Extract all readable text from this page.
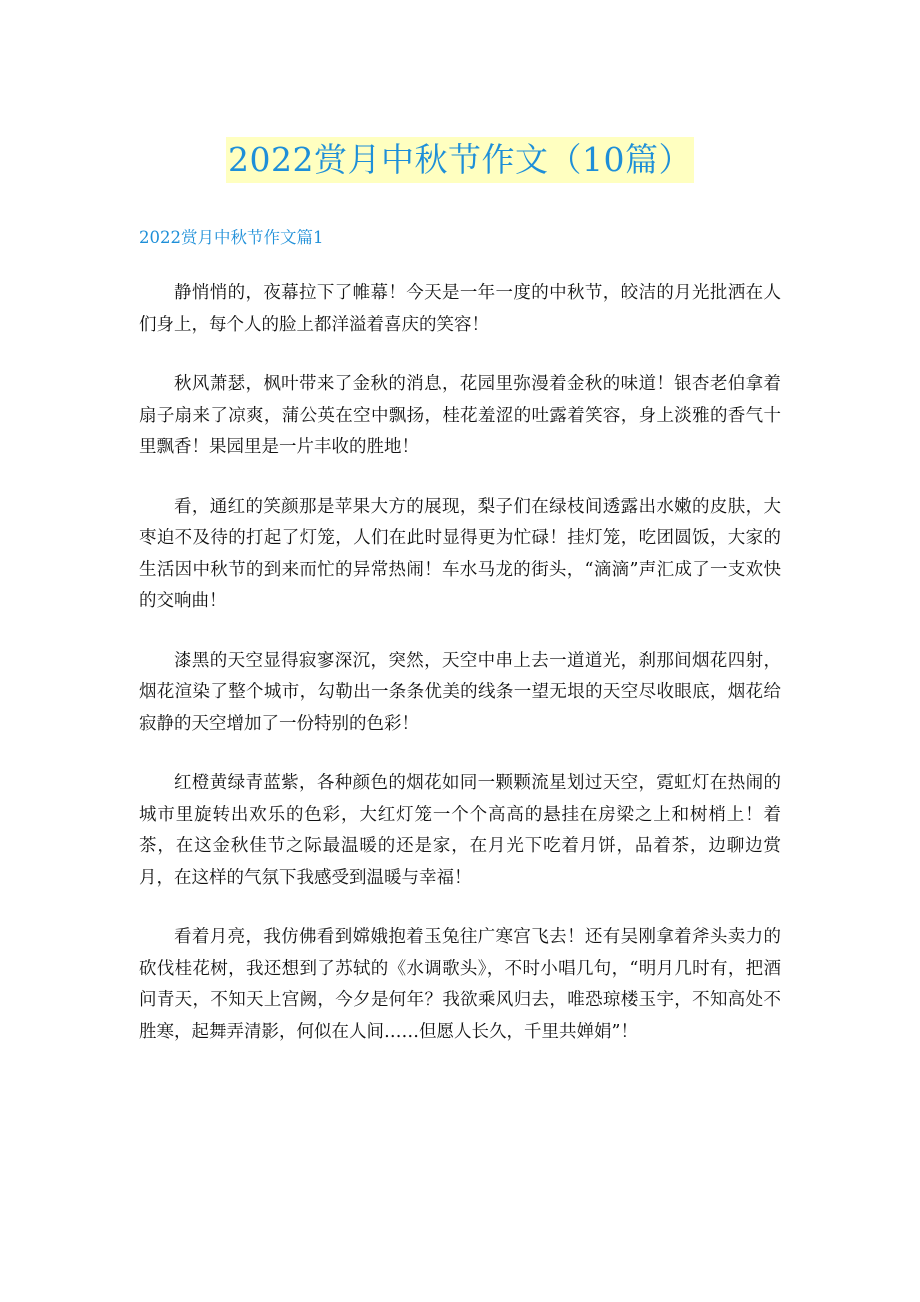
2022赏月中秋节作文（10篇）
2022赏月中秋节作文篇1

静悄悄的，夜幕拉下了帷幕！今天是一年一度的中秋节，皎洁的月光批洒在人们身上，每个人的脸上都洋溢着喜庆的笑容！

秋风萧瑟，枫叶带来了金秋的消息，花园里弥漫着金秋的味道！银杏老伯拿着扇子扇来了凉爽，蒲公英在空中飘扬，桂花羞涩的吐露着笑容，身上淡雅的香气十里飘香！果园里是一片丰收的胜地！

看，通红的笑颜那是苹果大方的展现，梨子们在绿枝间透露出水嫩的皮肤，大枣迫不及待的打起了灯笼，人们在此时显得更为忙碌！挂灯笼，吃团圆饭，大家的生活因中秋节的到来而忙的异常热闹！车水马龙的街头，“滴滴”声汇成了一支欢快的交响曲！

漆黑的天空显得寂寥深沉，突然，天空中串上去一道道光，刹那间烟花四射，烟花渲染了整个城市，勾勒出一条条优美的线条一望无垠的天空尽收眼底，烟花给寂静的天空增加了一份特别的色彩！

红橙黄绿青蓝紫，各种颜色的烟花如同一颗颗流星划过天空，霓虹灯在热闹的城市里旋转出欢乐的色彩，大红灯笼一个个高高的悬挂在房梁之上和树梢上！着茶，在这金秋佳节之际最温暖的还是家，在月光下吃着月饼，品着茶，边聊边赏月，在这样的气氛下我感受到温暖与幸福！

看着月亮，我仿佛看到嫦娥抱着玉兔往广寒宫飞去！还有吴刚拿着斧头卖力的砍伐桂花树，我还想到了苏轼的《水调歌头》，不时小唱几句，“明月几时有，把酒问青天，不知天上宫阙，今夕是何年？我欲乘风归去，唯恐琼楼玉宇，不知高处不胜寒，起舞弄清影，何似在人间……但愿人长久，千里共婵娟”！
